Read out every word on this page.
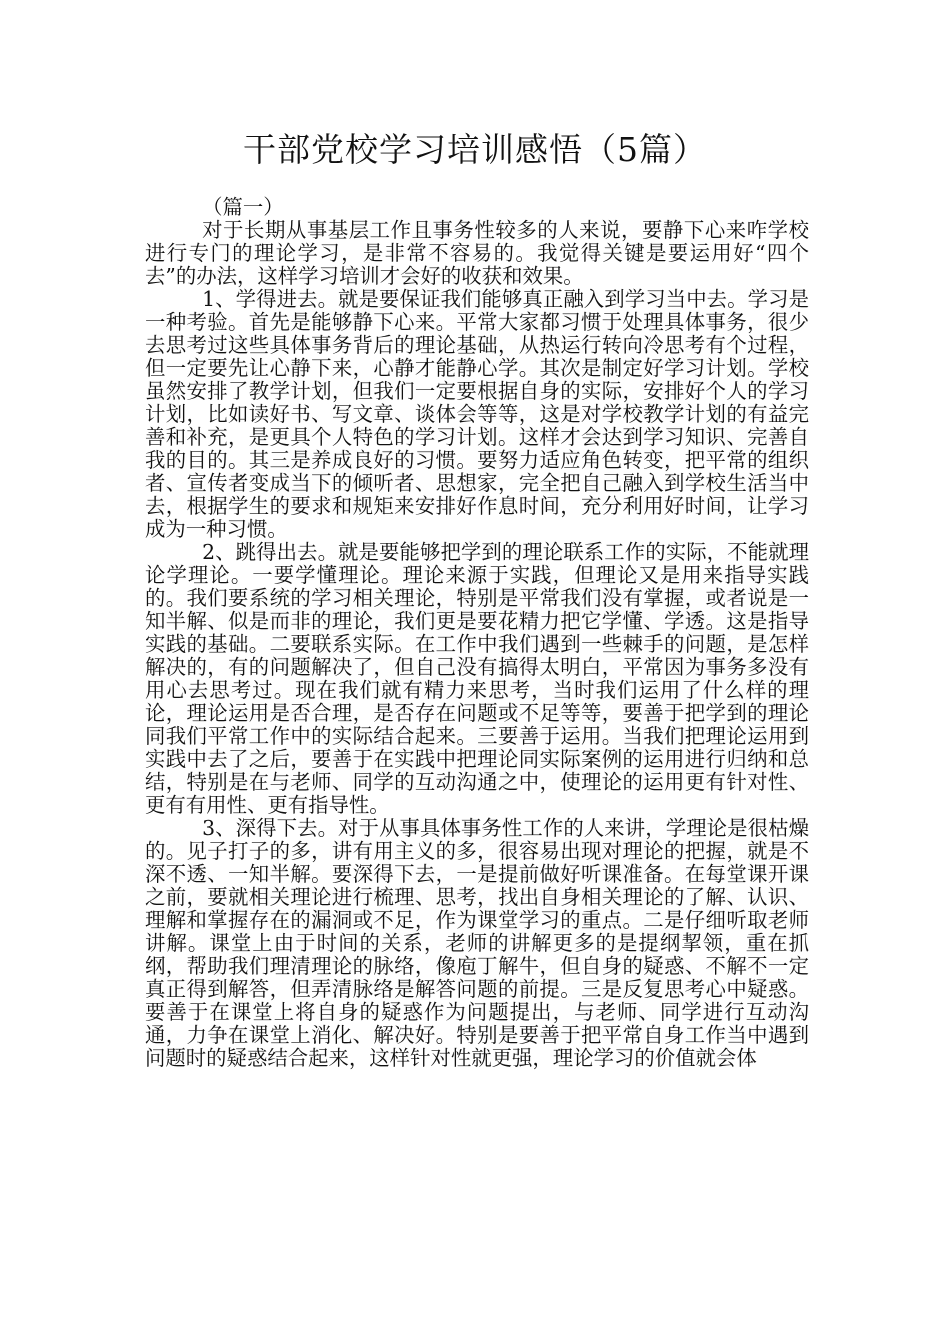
干部党校学习培训感悟（5篇）

（篇一）

对于长期从事基层工作且事务性较多的人来说，要静下心来咋学校进行专门的理论学习，是非常不容易的。我觉得关键是要运用好“四个去”的办法，这样学习培训才会好的收获和效果。

1、学得进去。就是要保证我们能够真正融入到学习当中去。学习是一种考验。首先是能够静下心来。平常大家都习惯于处理具体事务，很少去思考过这些具体事务背后的理论基础，从热运行转向冷思考有个过程，但一定要先让心静下来，心静才能静心学。其次是制定好学习计划。学校虽然安排了教学计划，但我们一定要根据自身的实际，安排好个人的学习计划，比如读好书、写文章、谈体会等等，这是对学校教学计划的有益完善和补充，是更具个人特色的学习计划。这样才会达到学习知识、完善自我的目的。其三是养成良好的习惯。要努力适应角色转变，把平常的组织者、宣传者变成当下的倾听者、思想家，完全把自己融入到学校生活当中去，根据学生的要求和规矩来安排好作息时间，充分利用好时间，让学习成为一种习惯。

2、跳得出去。就是要能够把学到的理论联系工作的实际，不能就理论学理论。一要学懂理论。理论来源于实践，但理论又是用来指导实践的。我们要系统的学习相关理论，特别是平常我们没有掌握，或者说是一知半解、似是而非的理论，我们更是要花精力把它学懂、学透。这是指导实践的基础。二要联系实际。在工作中我们遇到一些棘手的问题，是怎样解决的，有的问题解决了，但自己没有搞得太明白，平常因为事务多没有用心去思考过。现在我们就有精力来思考，当时我们运用了什么样的理论，理论运用是否合理，是否存在问题或不足等等，要善于把学到的理论同我们平常工作中的实际结合起来。三要善于运用。当我们把理论运用到实践中去了之后，要善于在实践中把理论同实际案例的运用进行归纳和总结，特别是在与老师、同学的互动沟通之中，使理论的运用更有针对性、更有有用性、更有指导性。

3、深得下去。对于从事具体事务性工作的人来讲，学理论是很枯燥的。见子打子的多，讲有用主义的多，很容易出现对理论的把握，就是不深不透、一知半解。要深得下去，一是提前做好听课准备。在每堂课开课之前，要就相关理论进行梳理、思考，找出自身相关理论的了解、认识、理解和掌握存在的漏洞或不足，作为课堂学习的重点。二是仔细听取老师讲解。课堂上由于时间的关系，老师的讲解更多的是提纲挈领，重在抓纲，帮助我们理清理论的脉络，像庖丁解牛，但自身的疑惑、不解不一定真正得到解答，但弄清脉络是解答问题的前提。三是反复思考心中疑惑。要善于在课堂上将自身的疑惑作为问题提出，与老师、同学进行互动沟通，力争在课堂上消化、解决好。特别是要善于把平常自身工作当中遇到问题时的疑惑结合起来，这样针对性就更强，理论学习的价值就会体
